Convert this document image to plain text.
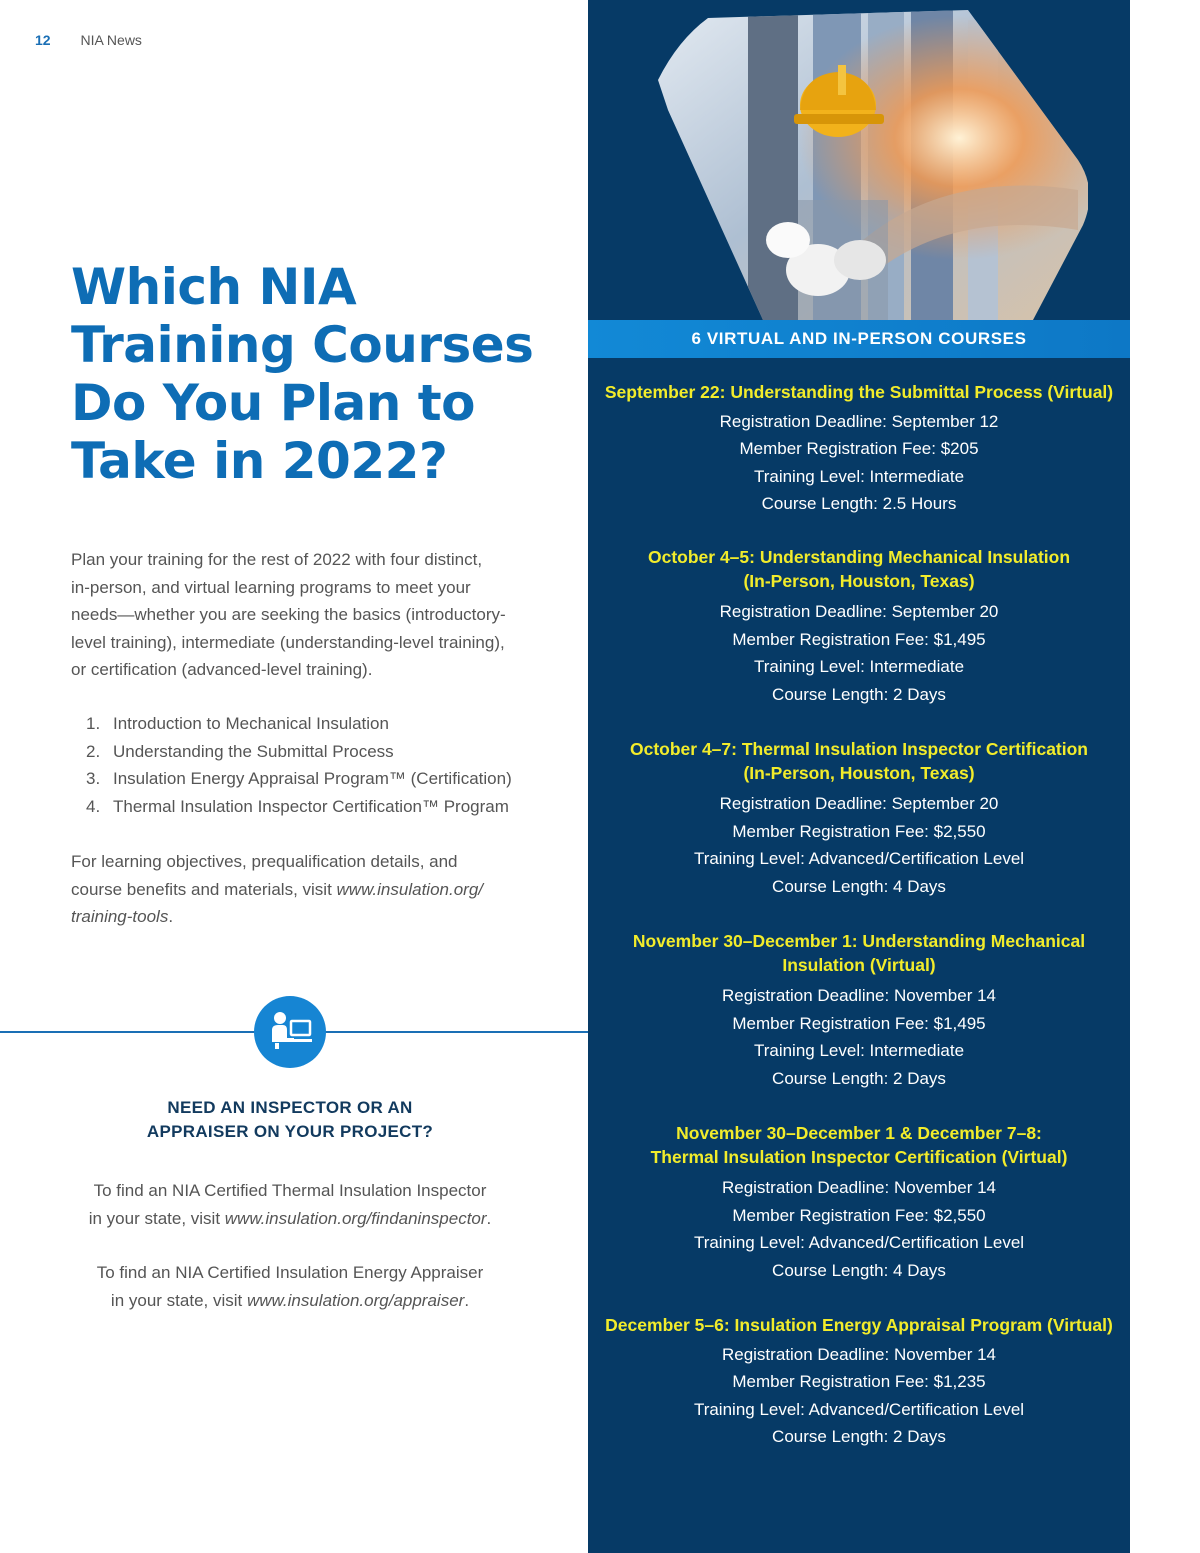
12 NIA News
Which NIA
Training Courses
Do You Plan to
Take in 2022?

Plan your training for the rest of 2022 with four distinct,
in-person, and virtual learning programs to meet your
needs—whether you are seeking the basics (introductory-
level training), intermediate (understanding-level training),
or certification (advanced-level training).

1. Introduction to Mechanical Insulation
2. Understanding the Submittal Process
3. Insulation Energy Appraisal Program™ (Certification)
4. Thermal Insulation Inspector Certification™ Program

For learning objectives, prequalification details, and
course benefits and materials, visit www.insulation.org/
training-tools.

NEED AN INSPECTOR OR AN
APPRAISER ON YOUR PROJECT?

To find an NIA Certified Thermal Insulation Inspector
in your state, visit www.insulation.org/findaninspector.

To find an NIA Certified Insulation Energy Appraiser
in your state, visit www.insulation.org/appraiser.

6 VIRTUAL AND IN-PERSON COURSES

September 22: Understanding the Submittal Process (Virtual)

Registration Deadline: September 12
Member Registration Fee: $205
Training Level: Intermediate
Course Length: 2.5 Hours

October 4–5: Understanding Mechanical Insulation
(In-Person, Houston, Texas)

Registration Deadline: September 20
Member Registration Fee: $1,495
Training Level: Intermediate
Course Length: 2 Days

October 4–7: Thermal Insulation Inspector Certification
(In-Person, Houston, Texas)

Registration Deadline: September 20
Member Registration Fee: $2,550
Training Level: Advanced/Certification Level
Course Length: 4 Days

November 30–December 1: Understanding Mechanical
Insulation (Virtual)

Registration Deadline: November 14
Member Registration Fee: $1,495
Training Level: Intermediate
Course Length: 2 Days

November 30–December 1 & December 7–8:
Thermal Insulation Inspector Certification (Virtual)

Registration Deadline: November 14
Member Registration Fee: $2,550
Training Level: Advanced/Certification Level
Course Length: 4 Days

December 5–6: Insulation Energy Appraisal Program (Virtual)

Registration Deadline: November 14
Member Registration Fee: $1,235
Training Level: Advanced/Certification Level
Course Length: 2 Days
